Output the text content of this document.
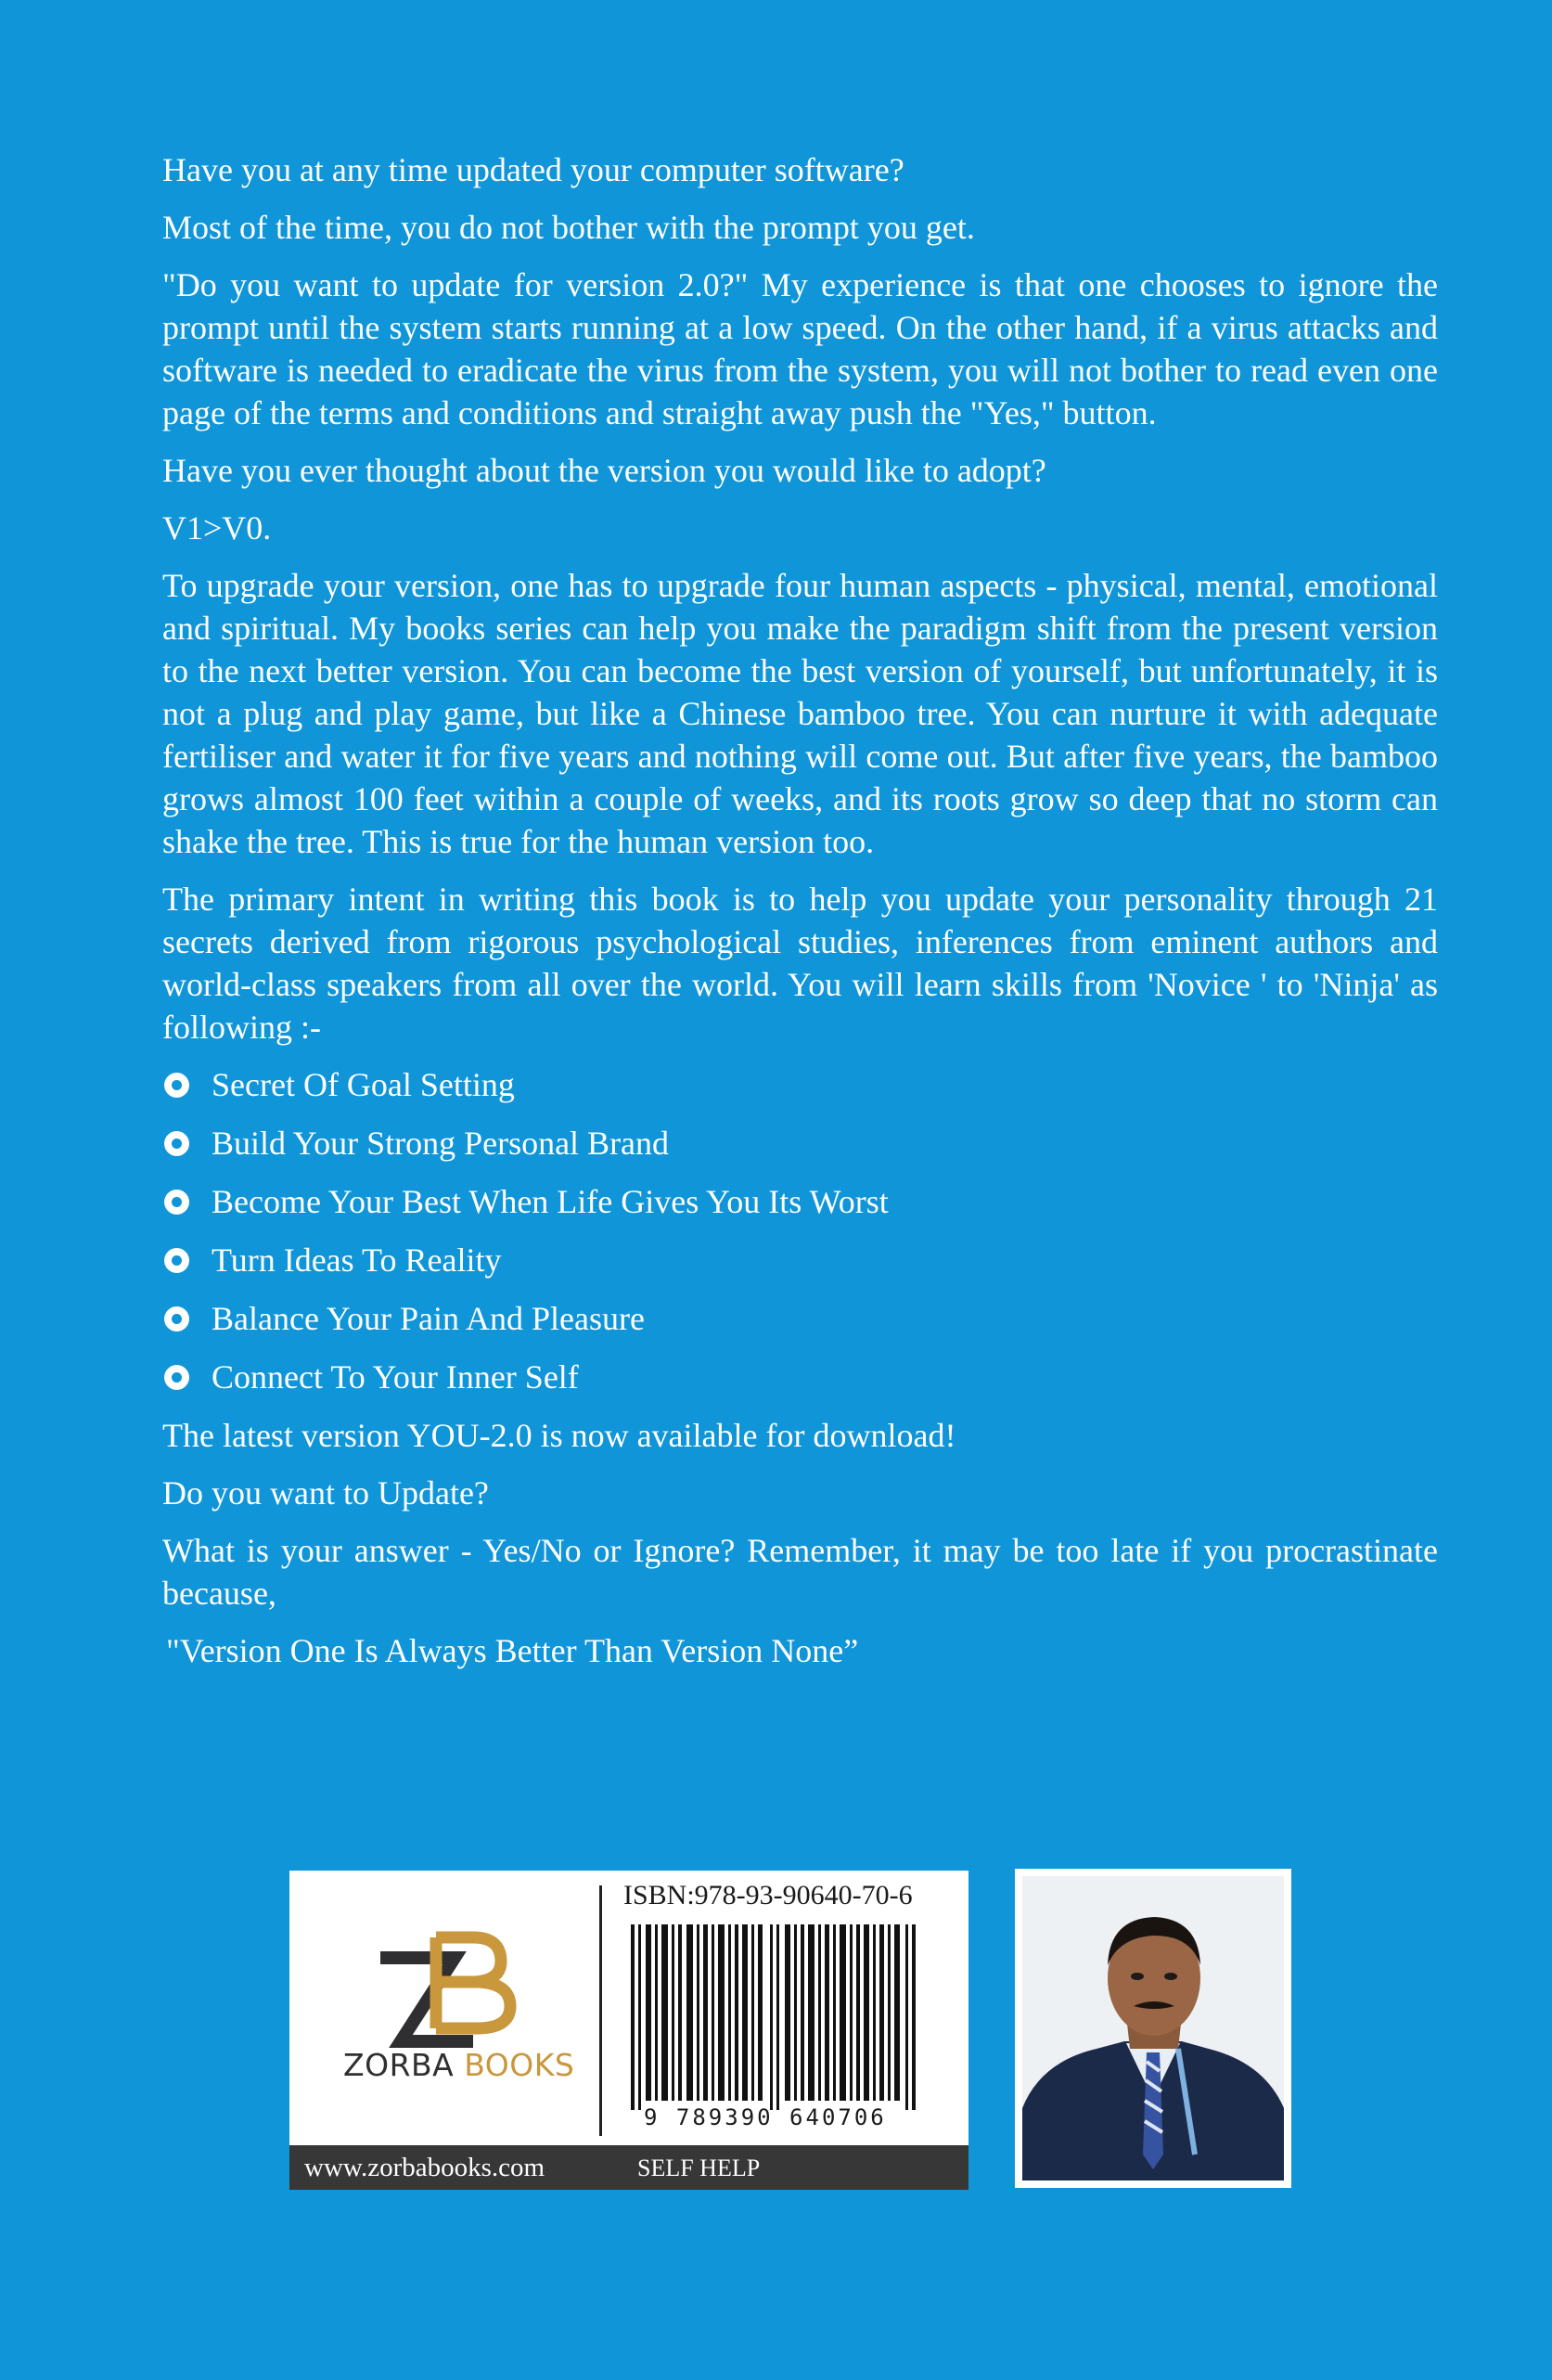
Have you at any time updated your computer software?

Most of the time, you do not bother with the prompt you get.

"Do you want to update for version 2.0?" My experience is that one chooses to ignore the prompt until the system starts running at a low speed. On the other hand, if a virus attacks and software is needed to eradicate the virus from the system, you will not bother to read even one page of the terms and conditions and straight away push the "Yes," button.

Have you ever thought about the version you would like to adopt?

V1>V0.

To upgrade your version, one has to upgrade four human aspects - physical, mental, emotional and spiritual. My books series can help you make the paradigm shift from the present version to the next better version. You can become the best version of yourself, but unfortunately, it is not a plug and play game, but like a Chinese bamboo tree. You can nurture it with adequate fertiliser and water it for five years and nothing will come out. But after five years, the bamboo grows almost 100 feet within a couple of weeks, and its roots grow so deep that no storm can shake the tree. This is true for the human version too.

The primary intent in writing this book is to help you update your personality through 21 secrets derived from rigorous psychological studies, inferences from eminent authors and world-class speakers from all over the world. You will learn skills from 'Novice ' to 'Ninja' as following :-

Secret Of Goal Setting
Build Your Strong Personal Brand
Become Your Best When Life Gives You Its Worst
Turn Ideas To Reality
Balance Your Pain And Pleasure
Connect To Your Inner Self

The latest version YOU-2.0 is now available for download!

Do you want to Update?

What is your answer - Yes/No or Ignore? Remember, it may be too late if you procrastinate because,

"Version One Is Always Better Than Version None”

ZORBA BOOKS
ISBN:978-93-90640-70-6
9 789390 640706
www.zorbabooks.com	SELF HELP
